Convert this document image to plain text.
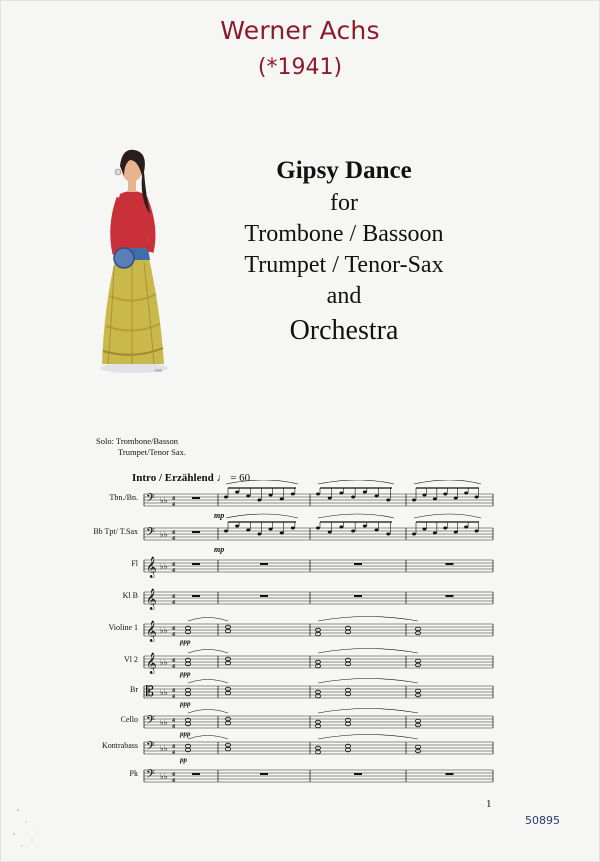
Werner Achs
(*1941)
1998
Gipsy Dance
for
Trombone / Bassoon
Trumpet / Tenor-Sax
and
Orchestra
Solo: Trombone/Basson
Trumpet/Tenor Sax.
Intro / Erzählend ♩ = 60
Tbn./Bn. 𝄢 ♭♭ 4
4
mp
Bb Tpt/ T.Sax 𝄢 ♭♭ 4
4
mp
Fl 𝄞 ♭♭ 4
4
Kl B 𝄞	4
4
Violine 1 𝄞 ♭♭ 4
4
ppp
Vl 2 𝄞 ♭♭ 4
4
ppp
Br 𝄡 ♭♭ 4
4
ppp
Cello 𝄢 ♭♭ 4
4
ppp
Kontrabass 𝄢 ♭♭ 4
4
pp
Pk 𝄢 ♭♭ 4
4
1
50895
